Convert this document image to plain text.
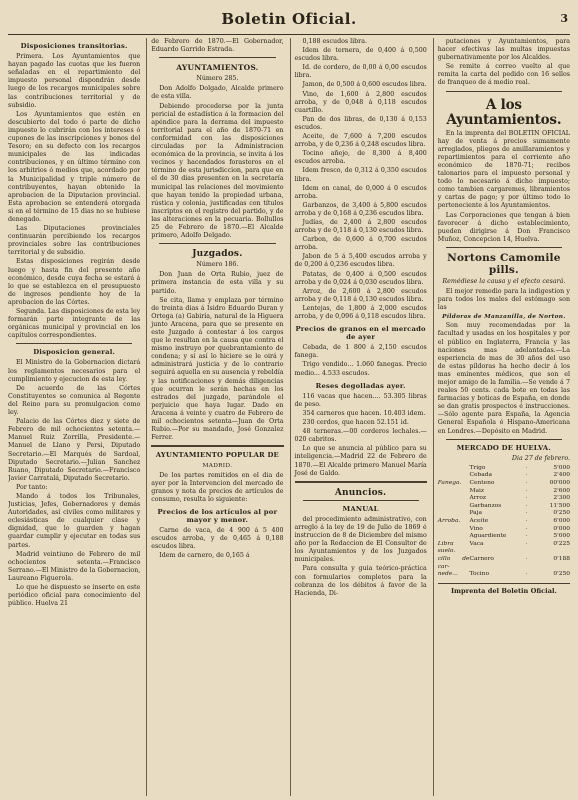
Boletin Oficial.	3
Disposiciones transitorias.

Primera. Los Ayuntamientos que hayan pagado las cuotas que les fueron señaladas en el repartimiento del impuesto personal dispondrán desde luego de los recargos municipales sobre las contribuciones territorial y de subsidio.

Los Ayuntamientos que estén en descubierto del todo ó parte de dicho impuesto lo cubrirán con los intereses ó cupones de las inscripciones y bonos del Tesoro; en su defecto con los recargos municipales de las indicadas contribuciones, y en último término con los arbitrios ó medios que, acordado por la Municipalidad y triple número de contribuyentes, hayan obtenido la aprobacion de la Diputacion provincial. Esta aprobacion se entenderá otorgada si en el término de 15 dias no se hubiese denegado.

Las Diputaciones provinciales continuarán percibiendo los recargos provinciales sobre las contribuciones territorial y de subsidio.

Estas disposiciones regirán desde luego y hasta fin del presente año económico, desde cuya fecha se estará á lo que se establezca en el presupuesto de ingresos pendiente hoy de la aprobacion de las Córtes.

Segunda. Las disposiciones de esta ley formarán parte integrante de las orgánicas municipal y provincial en los capítulos correspondientes.

Disposicion general.

El Ministro de la Gobernacion dictará los reglamentos necesarios para el cumplimiento y ejecucion de esta ley.

De acuerdo de las Córtes Constituyentes se comunica al Regente del Reino para su promulgacion como ley.

Palacio de las Córtes diez y siete de Febrero de mil ochocientos setenta.—Manuel Ruiz Zorrilla, Presidente.—Manuel de Llano y Persi, Diputado Secretario.—El Marqués de Sardoal, Diputado Secretario.—Julian Sanchez Ruano, Diputado Secretario.—Francisco Javier Carratalá, Diputado Secretario.

Por tanto:

Mando á todos los Tribunales, Justicias, Jefes, Gobernadores y demás Autoridades, así civiles como militares y eclesiásticas de cualquier clase y dignidad, que lo guarden y hagan guardar cumplir y ejecutar en todas sus partes.

Madrid veintiuno de Febrero de mil ochocientos setenta.—Francisco Serrano.—El Ministro de la Gobernacion, Laureano Figuerola.

Lo que he dispuesto se inserte en este periódico oficial para conocimiento del público. Huelva 21

de Febrero de 1870.—El Gobernador, Eduardo Garrido Estrada.

AYUNTAMIENTOS.
Número 285.

Don Adolfo Dolgado, Alcalde primero de esta villa.

Debiendo procederse por la junta pericial de estadística á la formacion del apéndice para la derrama del impuesto territorial para el año de 1870-71 en conformidad con las disposiciones circuladas por la Administracion económica de la provincia, se invita á los vecinos y hacendados forasteros en el término de esta jurisdiccion, para que en el de 30 dias presenten en la secretaría municipal las relaciones del movimiento que hayan tenido la propiedad urbana, rústica y colonia, justificadas con títulos inscriptos en el registro del partido, y de las alteraciones en la pecuaria. Bollullos 25 de Febrero de 1870.—El Alcalde primero, Adolfo Delgado.

Juzgados.
Número 186.

Don Juan de Orta Rubio, juez de primera instancia de esta villa y su partido.

Se cita, llama y emplaza por término de treinta dias á Isidro Eduardo Duran y Ortega (a) Gabiría, natural de la Higuera junto Aracena, para que se presente en este Juzgado á contestar á los cargos que le resultan en la causa que contra el mismo instruyo por quebrantamiento de condena; y si así lo hiciere se le oirá y administrará justicia y de lo contrario seguirá aquella en su ausencia y rebeldía y las notificaciones y demás diligencias que ocurran le serán hechas en los estrados del juzgado, parándole el perjuicio que haya lugar. Dado en Aracena á veinte y cuatro de Febrero de mil ochocientos setenta—Juan de Orta Rubio.—Por su mandado, José Gonzalez Ferrer.

AYUNTAMIENTO POPULAR DE
MADRID.

De los partes remitidos en el dia de ayer por la Intervencion del mercado de granos y nota de precios de artículos de consumo, resulta lo siguiente:

Precios de los artículos al por mayor y menor.

Carne de vaca, de 4 900 á 5 400 escudos arroba, y de 0,465 á 0,188 escudos libra.

Idem de carnero, de 0,165 á

0,188 escudos libra.

Idem de ternera, de 0,400 á 0,500 escudos libra.

Id. de cordero, de 0,00 á 0,00 escudos libra.

Jamon, de 0,500 á 0,600 escudos libra.

Vino, de 1,600 á 2,800 escudos arroba, y de 0,048 á 0,118 escudos cuartillo.

Pan de dos libras, de 0,130 á 0,153 escudos.

Aceite, de 7,600 á 7,200 escudos arroba, y de 0,236 á 0,248 escudos libra.

Tocino añejo, de 8,300 á 8,400 escudos arroba.

Idem fresco, de 0,312 á 0,350 escudos libra.

Idem en canal, de 0,000 á 0 escudos arroba.

Garbanzos, de 3,400 á 5,800 escudos arroba y de 0,168 á 0,236 escudos libra.

Judías, de 2,400 á 2,800 escudos arroba y de 0,118 á 0,130 escudos libra.

Carbon, de 0,600 á 0,700 escudos arroba.

Jabon de 5 á 5,400 escudos arroba y de 0,200 á 0,236 escudos libra.

Patatas, de 0,400 á 0,500 escudos arroba y de 0,024 á 0,030 escudos libra.

Arroz, de 2,600 á 2,800 escudos arroba y de 0,118 á 0,130 escudos libra.

Lentejas, de 1,800 á 2,000 escudos arroba, y de 0,096 á 0,118 escudos libra.

Precios de granos en el mercado de ayer

Cebada, de 1 800 á 2,150 escudos fanega.

Trigo vendido... 1.060 fanegas. Precio medio... 4.533 escudos.

Reses degolladas ayer.

116 vacas que hacen.... 53.305 libras de peso.

354 carneros que hacen. 10.403 idem.

230 cerdos, que hacen 52.151 id.

48 terneras.—00 corderos lechales.—020 cabritos.

Lo que se anuncia al público para su inteligencia.—Madrid 22 de Febrero de 1870.—El Alcalde primero Manuel María José de Galdo.

Anuncios.
MANUAL

del procedimiento administrativo, con arreglo á la ley de 19 de Julio de 1869 é instruccion de 8 de Diciembre del mismo año por la Redaccion de El Consultor de los Ayuntamientos y de los Juzgados municipales.

Para consulta y guia teórico-práctica con formularios completos para la cobranza de los débitos á favor de la Hacienda, Di-

putaciones y Ayuntamientos, para hacer efectivas las multas impuestas gubernativamente por los Alcaldes.

Se remite á correo vuelto al que remita la carta del pedido con 16 sellos de franqueo de á medio real.

A los Ayuntamientos.

En la imprenta del BOLETIN OFICIAL hay de venta á precios sumamente arreglados, pliegos de amillaramientos y repartimientos para el corriente año económico de 1870-71; recibos talonarios para el impuesto personal y todo lo necesario á dicho impuesto; como tambien cargaremes, libramientos y cartas de pago; y por último todo lo perteneciente á los Ayuntamientos.

Las Corporaciones que tengan á bien favorecer á dicho establecimiento, pueden dirigirse á Don Francisco Muñoz, Concepcion 14, Huelva.

Nortons Camomile pills.
Remédiese la causa y el efecto cesará.

El mejor remedio para la indigestion y para todos los males del estómago son las

Píldoras de Manzanilla, de Norton.

Son muy recomendadas por la facultad y usadas en los hospitales y por el público en Inglaterra, Francia y las naciones mas adelantadas.—La esperiencia de mas de 30 años del uso de estas píldoras ha hecho decir á los mas eminentes médicos, que son el mejor amigo de la familia.—Se vende á 7 reales 50 cents. cada bote en todas las farmacias y boticas de España, en donde se dan gratis prospectos é instrucciones.—Sólo agente para España, la Agencia General Española é Hispano-Americana en Londres.—Depósito en Madrid.

MERCADO DE HUELVA.
Dia 27 de febrero.
	Trigo	·	5'000
	Cebada	·	2'400
Fanega.	Centeno	·	00'000
	Maiz	·	2'600
	Arroz	·	2'300
	Garbanzos	·	11'500
	Paja	·	0'250
Arroba.	Aceite	·	6'000
	Vino	·	0'000
	Aguardiente	·	5'000
Libra suelo.	Vaca	·	0'225
cillo de car-	Carnero	·	0'188
nede...	Tocino	·	0'250
Imprenta del Boletin Oficial.
